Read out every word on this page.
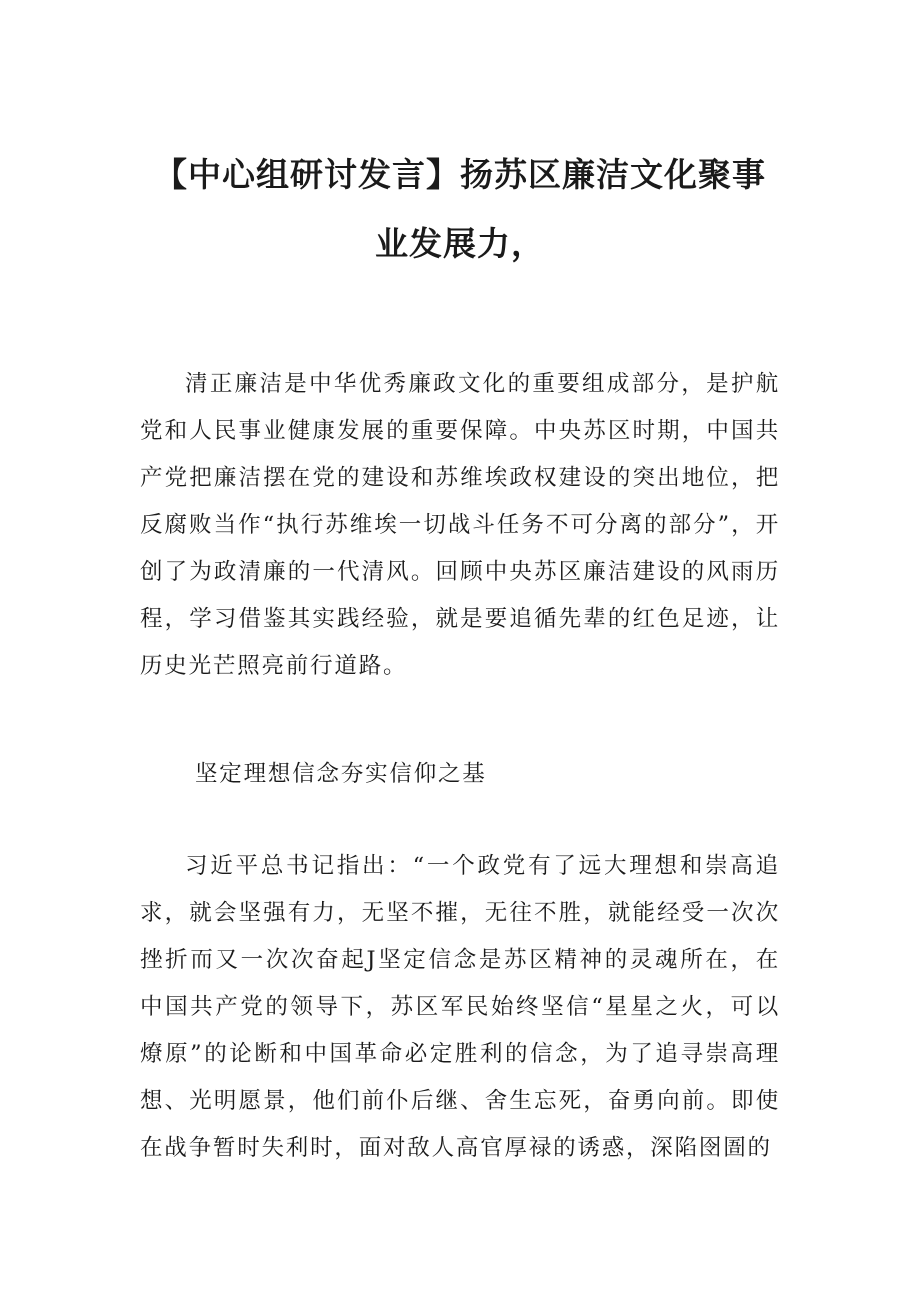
【中心组研讨发言】扬苏区廉洁文化聚事
业发展力，

清正廉洁是中华优秀廉政文化的重要组成部分，是护航党和人民事业健康发展的重要保障。中央苏区时期，中国共产党把廉洁摆在党的建设和苏维埃政权建设的突出地位，把反腐败当作“执行苏维埃一切战斗任务不可分离的部分”，开创了为政清廉的一代清风。回顾中央苏区廉洁建设的风雨历程，学习借鉴其实践经验，就是要追循先辈的红色足迹，让历史光芒照亮前行道路。

坚定理想信念夯实信仰之基

习近平总书记指出：“一个政党有了远大理想和崇高追求，就会坚强有力，无坚不摧，无往不胜，就能经受一次次挫折而又一次次奋起J坚定信念是苏区精神的灵魂所在，在中国共产党的领导下，苏区军民始终坚信“星星之火，可以燎原”的论断和中国革命必定胜利的信念，为了追寻崇高理想、光明愿景，他们前仆后继、舍生忘死，奋勇向前。即使在战争暂时失利时，面对敌人高官厚禄的诱惑，深陷囹圄的
